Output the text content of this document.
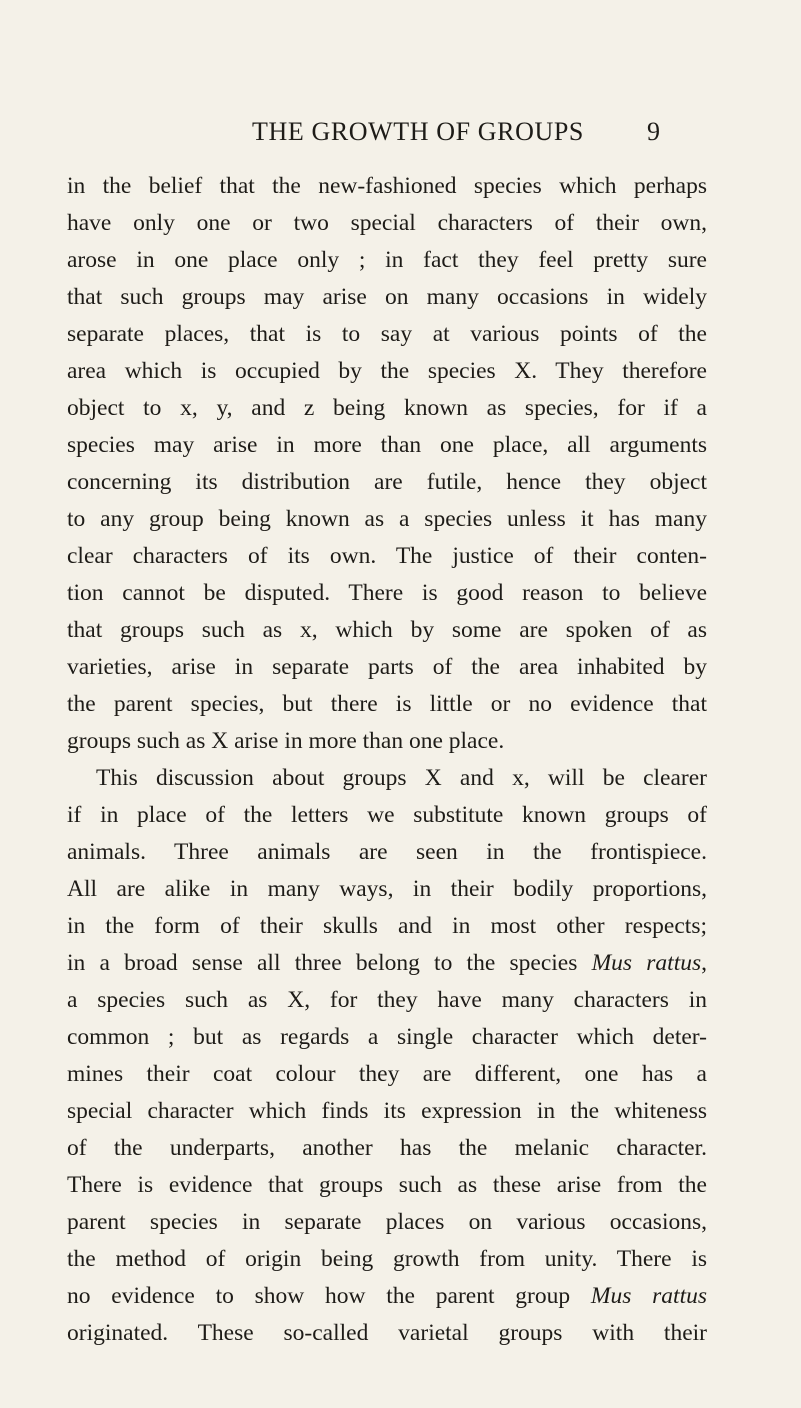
THE GROWTH OF GROUPS 9
in the belief that the new-fashioned species which perhaps
have only one or two special characters of their own,
arose in one place only ; in fact they feel pretty sure
that such groups may arise on many occasions in widely
separate places, that is to say at various points of the
area which is occupied by the species X. They therefore
object to x, y, and z being known as species, for if a
species may arise in more than one place, all arguments
concerning its distribution are futile, hence they object
to any group being known as a species unless it has many
clear characters of its own. The justice of their conten-
tion cannot be disputed. There is good reason to believe
that groups such as x, which by some are spoken of as
varieties, arise in separate parts of the area inhabited by
the parent species, but there is little or no evidence that
groups such as X arise in more than one place.
This discussion about groups X and x, will be clearer
if in place of the letters we substitute known groups of
animals. Three animals are seen in the frontispiece.
All are alike in many ways, in their bodily proportions,
in the form of their skulls and in most other respects;
in a broad sense all three belong to the species Mus rattus,
a species such as X, for they have many characters in
common ; but as regards a single character which deter-
mines their coat colour they are different, one has a
special character which finds its expression in the whiteness
of the underparts, another has the melanic character.
There is evidence that groups such as these arise from the
parent species in separate places on various occasions,
the method of origin being growth from unity. There is
no evidence to show how the parent group Mus rattus
originated. These so-called varietal groups with their
